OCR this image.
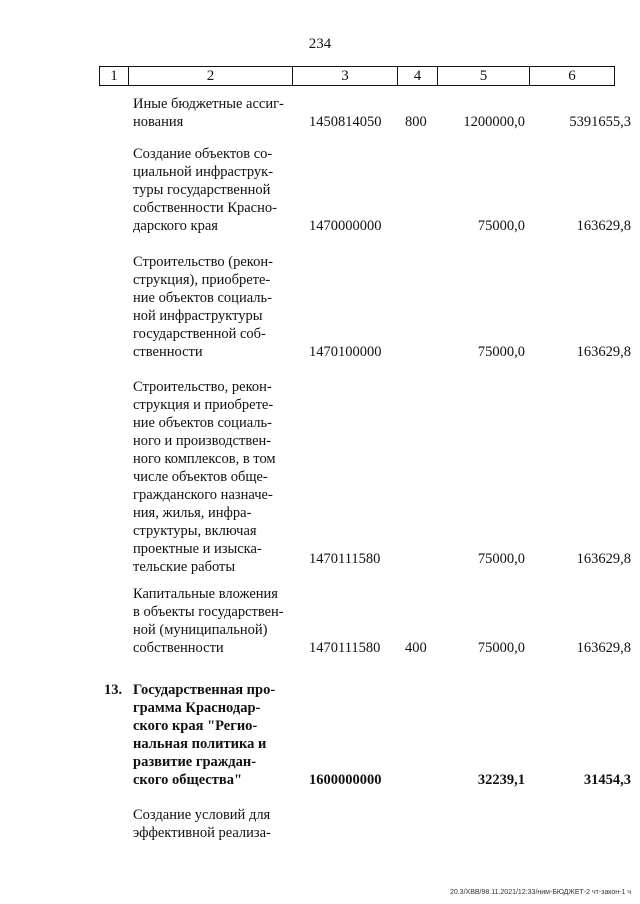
234
1	2	3	4	5	6
Иные бюджетные ассиг-
нования	1450814050 800	1200000,0	5391655,3
Создание объектов со-
циальной инфраструк-
туры государственной
собственности Красно-
дарского края	1470000000	75000,0	163629,8
Строительство (рекон-
струкция), приобрете-
ние объектов социаль-
ной инфраструктуры
государственной соб-
ственности	1470100000	75000,0	163629,8
Строительство, рекон-
струкция и приобрете-
ние объектов социаль-
ного и производствен-
ного комплексов, в том
числе объектов обще-
гражданского назначе-
ния, жилья, инфра-
структуры, включая
проектные и изыска-
тельские работы	1470111580	75000,0	163629,8
Капитальные вложения
в объекты государствен-
ной (муниципальной)
собственности	1470111580 400	75000,0	163629,8
13. Государственная про-
грамма Краснодар-
ского края "Регио-
нальная политика и
развитие граждан-
ского общества"	1600000000	32239,1	31454,3
Создание условий для
эффективной реализа-
20.3/ХВВ/98.11.2021/12:33/ним-БЮДЖЕТ-2 чт-закон-1 ч
